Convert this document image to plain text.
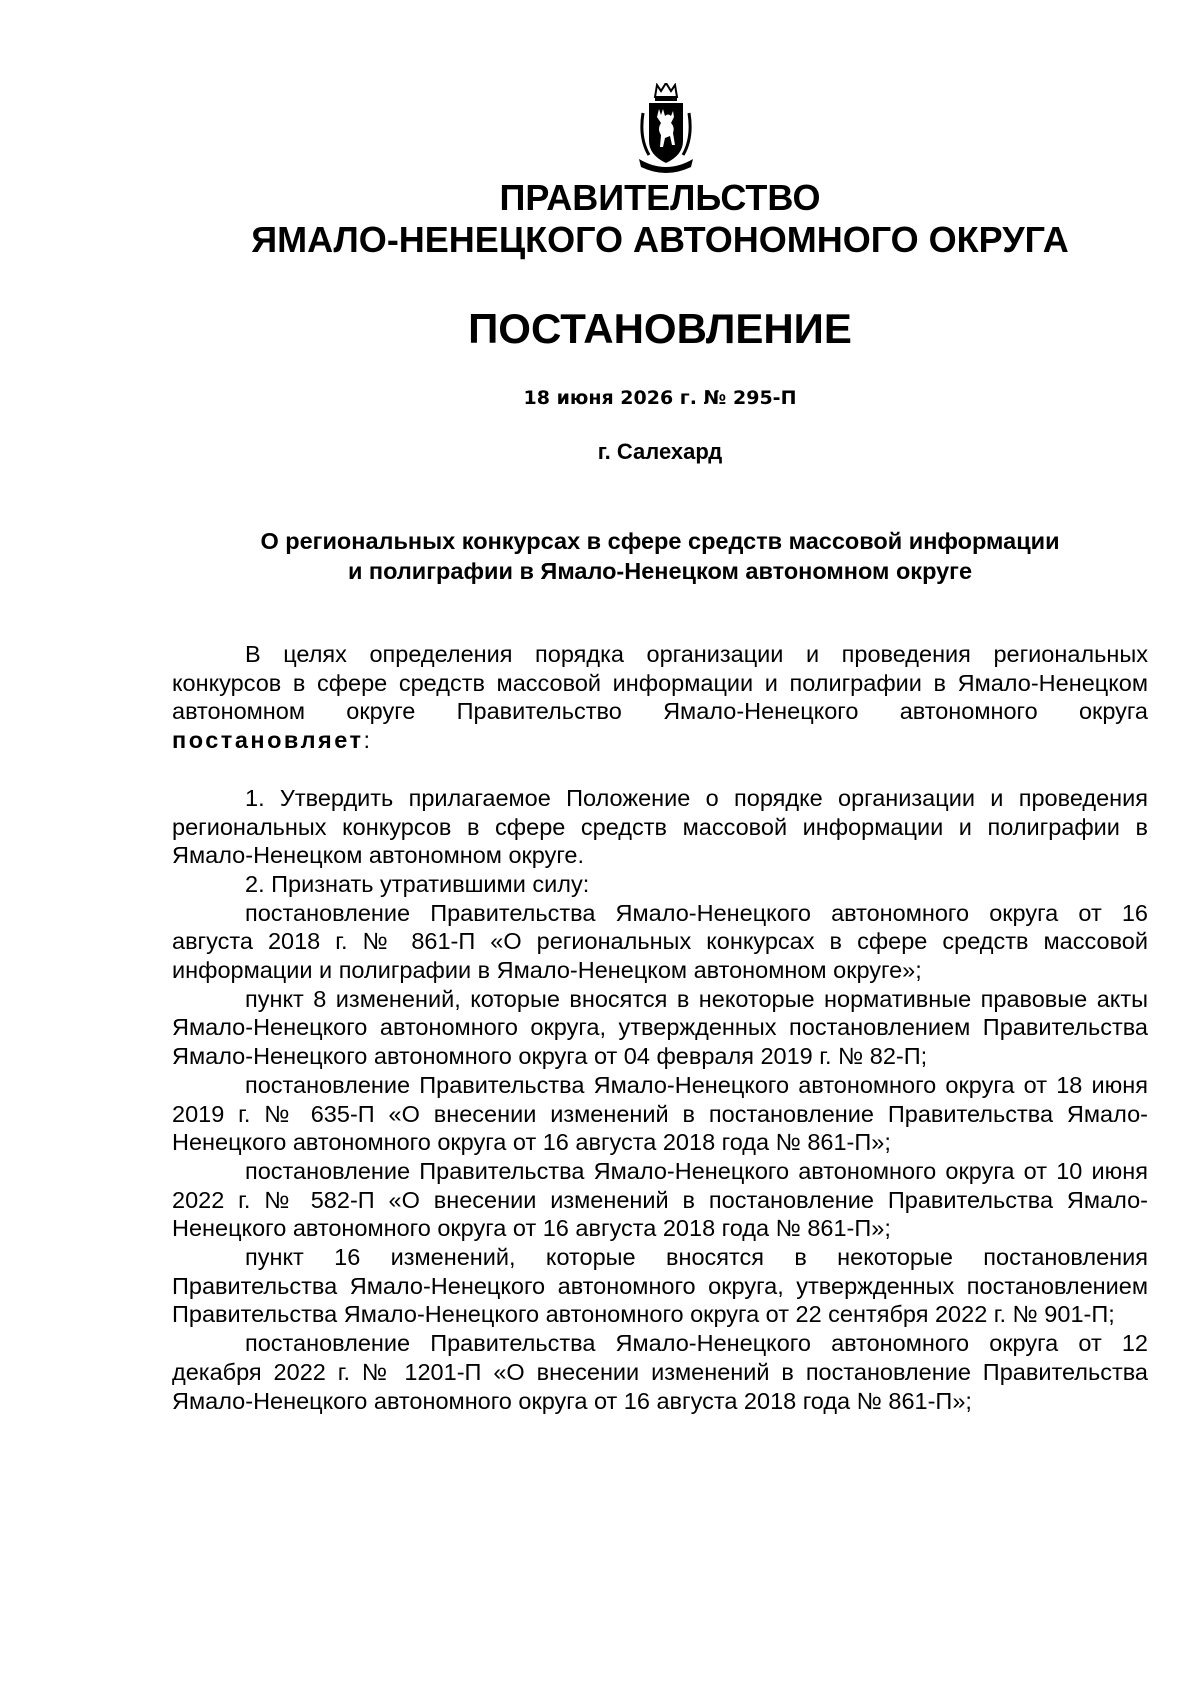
ПРАВИТЕЛЬСТВО
ЯМАЛО-НЕНЕЦКОГО АВТОНОМНОГО ОКРУГА
ПОСТАНОВЛЕНИЕ
18 июня 2026 г. № 295-П
г. Салехард
О региональных конкурсах в сфере средств массовой информации
и полиграфии в Ямало-Ненецком автономном округе

В целях определения порядка организации и проведения региональных конкурсов в сфере средств массовой информации и полиграфии в Ямало-Ненецком автономном округе Правительство Ямало-Ненецкого автономного округа постановляет:

1. Утвердить прилагаемое Положение о порядке организации и проведения региональных конкурсов в сфере средств массовой информации и полиграфии в Ямало-Ненецком автономном округе.

2. Признать утратившими силу:

постановление Правительства Ямало-Ненецкого автономного округа от 16 августа 2018 г. № 861-П «О региональных конкурсах в сфере средств массовой информации и полиграфии в Ямало-Ненецком автономном округе»;

пункт 8 изменений, которые вносятся в некоторые нормативные правовые акты Ямало-Ненецкого автономного округа, утвержденных постановлением Правительства Ямало-Ненецкого автономного округа от 04 февраля 2019 г. № 82-П;

постановление Правительства Ямало-Ненецкого автономного округа от 18 июня 2019 г. № 635-П «О внесении изменений в постановление Правительства Ямало-Ненецкого автономного округа от 16 августа 2018 года № 861-П»;

постановление Правительства Ямало-Ненецкого автономного округа от 10 июня 2022 г. № 582-П «О внесении изменений в постановление Правительства Ямало-Ненецкого автономного округа от 16 августа 2018 года № 861-П»;

пункт 16 изменений, которые вносятся в некоторые постановления Правительства Ямало-Ненецкого автономного округа, утвержденных постановлением Правительства Ямало-Ненецкого автономного округа от 22 сентября 2022 г. № 901-П;

постановление Правительства Ямало-Ненецкого автономного округа от 12 декабря 2022 г. № 1201-П «О внесении изменений в постановление Правительства Ямало-Ненецкого автономного округа от 16 августа 2018 года № 861-П»;
